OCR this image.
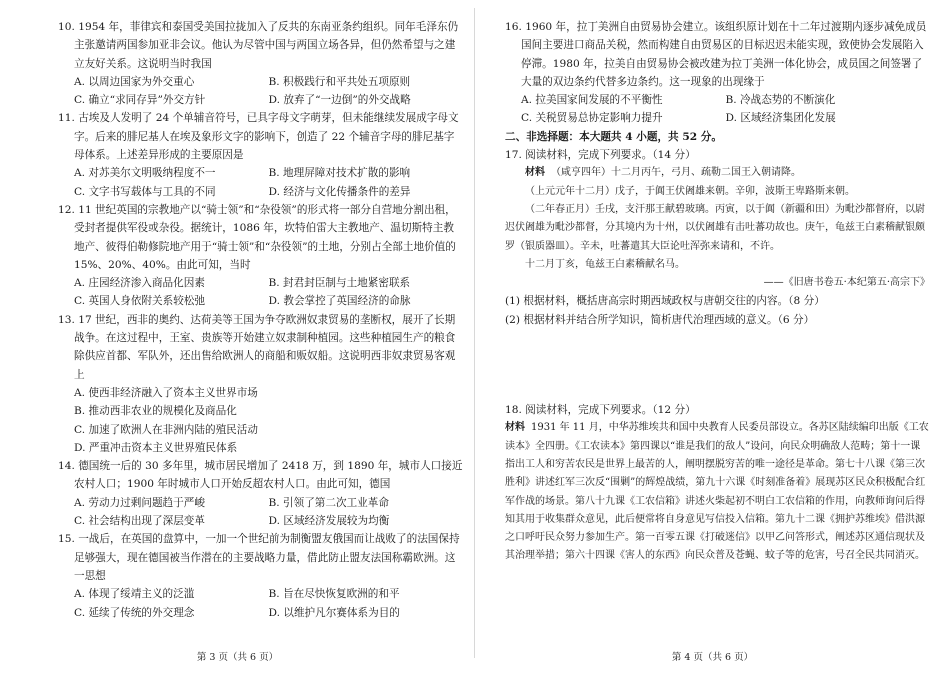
10. 1954 年，菲律宾和泰国受美国拉拢加入了反共的东南亚条约组织。同年毛泽东仍主张邀请两国参加亚非会议。他认为尽管中国与两国立场各异，但仍然希望与之建立友好关系。这说明当时我国

A. 以周边国家为外交重心	B. 积极践行和平共处五项原则
C. 确立“求同存异”外交方针	D. 放弃了“一边倒”的外交战略

11. 古埃及人发明了 24 个单辅音符号，已具字母文字萌芽，但未能继续发展成字母文字。后来的腓尼基人在埃及象形文字的影响下，创造了 22 个辅音字母的腓尼基字母体系。上述差异形成的主要原因是

A. 对苏美尔文明吸纳程度不一	B. 地理屏障对技术扩散的影响
C. 文字书写载体与工具的不同	D. 经济与文化传播条件的差异

12. 11 世纪英国的宗教地产以“骑士领”和“杂役领”的形式将一部分自营地分割出租，受封者提供军役或杂役。据统计，1086 年，坎特伯雷大主教地产、温切斯特主教地产、彼得伯勒修院地产用于“骑士领”和“杂役领”的土地，分别占全部土地价值的 15%、20%、40%。由此可知，当时

A. 庄园经济渗入商品化因素	B. 封君封臣制与土地紧密联系
C. 英国人身依附关系较松弛	D. 教会掌控了英国经济的命脉

13. 17 世纪，西非的奥约、达荷美等王国为争夺欧洲奴隶贸易的垄断权，展开了长期战争。在这过程中，王室、贵族等开始建立奴隶制种植园。这些种植园生产的粮食除供应首都、军队外，还出售给欧洲人的商船和贩奴船。这说明西非奴隶贸易客观上

A. 使西非经济融入了资本主义世界市场
B. 推动西非农业的规模化及商品化
C. 加速了欧洲人在非洲内陆的殖民活动
D. 严重冲击资本主义世界殖民体系

14. 德国统一后的 30 多年里，城市居民增加了 2418 万，到 1890 年，城市人口接近农村人口；1900 年时城市人口开始反超农村人口。由此可知，德国

A. 劳动力过剩问题趋于严峻	B. 引领了第二次工业革命
C. 社会结构出现了深层变革	D. 区域经济发展较为均衡

15. 一战后，在英国的盘算中，一加一个世纪前为制衡盟友俄国而让战败了的法国保持足够强大，现在德国被当作潜在的主要战略力量，借此防止盟友法国称霸欧洲。这一思想

A. 体现了绥靖主义的泛滥	B. 旨在尽快恢复欧洲的和平
C. 延续了传统的外交理念	D. 以维护凡尔赛体系为目的
第 3 页（共 6 页）

16. 1960 年，拉丁美洲自由贸易协会建立。该组织原计划在十二年过渡期内逐步减免成员国间主要进口商品关税，然而构建自由贸易区的目标迟迟未能实现，致使协会发展陷入停滞。1980 年，拉美自由贸易协会被改建为拉丁美洲一体化协会，成员国之间签署了大量的双边条约代替多边条约。这一现象的出现缘于

A. 拉美国家间发展的不平衡性	B. 冷战态势的不断演化
C. 关税贸易总协定影响力提升	D. 区域经济集团化发展

二、非选择题：本大题共 4 小题，共 52 分。

17. 阅读材料，完成下列要求。（14 分）

材料 （咸亨四年）十二月丙午，弓月、疏勒二国王入朝请降。

（上元元年十二月）戊子，于阗王伏阇雄来朝。辛卯，波斯王卑路斯来朝。

（二年春正月）壬戌，支汗那王献碧玻璃。丙寅，以于阗（新疆和田）为毗沙都督府，以尉迟伏阇雄为毗沙都督，分其境内为十州，以伏阇雄有击吐蕃功故也。庚午，龟兹王白素稽献银颇罗（银质器皿）。辛未，吐蕃遣其大臣论吐浑弥来请和，不许。

十二月丁亥，龟兹王白素稽献名马。

——《旧唐书卷五·本纪第五·高宗下》

(1) 根据材料，概括唐高宗时期西域政权与唐朝交往的内容。（8 分）

(2) 根据材料并结合所学知识，简析唐代治理西域的意义。（6 分）

18. 阅读材料，完成下列要求。（12 分）

材料 1931 年 11 月，中华苏维埃共和国中央教育人民委员部设立。各苏区陆续编印出版《工农读本》全四册。《工农读本》第四课以“谁是我们的敌人”设问，向民众明确敌人范畴；第十一课指出工人和穷苦农民是世界上最苦的人，阐明摆脱穷苦的唯一途径是革命。第七十八课《第三次胜利》讲述红军三次反“围剿”的辉煌战绩，第九十六课《时刻准备着》展现苏区民众积极配合红军作战的场景。第八十九课《工农信箱》讲述火柴起初不明白工农信箱的作用，向教师询问后得知其用于收集群众意见，此后便常将自身意见写信投入信箱。第九十二课《拥护苏维埃》借洪源之口呼吁民众努力参加生产。第一百零五课《打破迷信》以甲乙问答形式，阐述苏区通信现状及其治理举措；第六十四课《害人的东西》向民众普及苍蝇、蚊子等的危害，号召全民共同消灭。

第 4 页（共 6 页）
